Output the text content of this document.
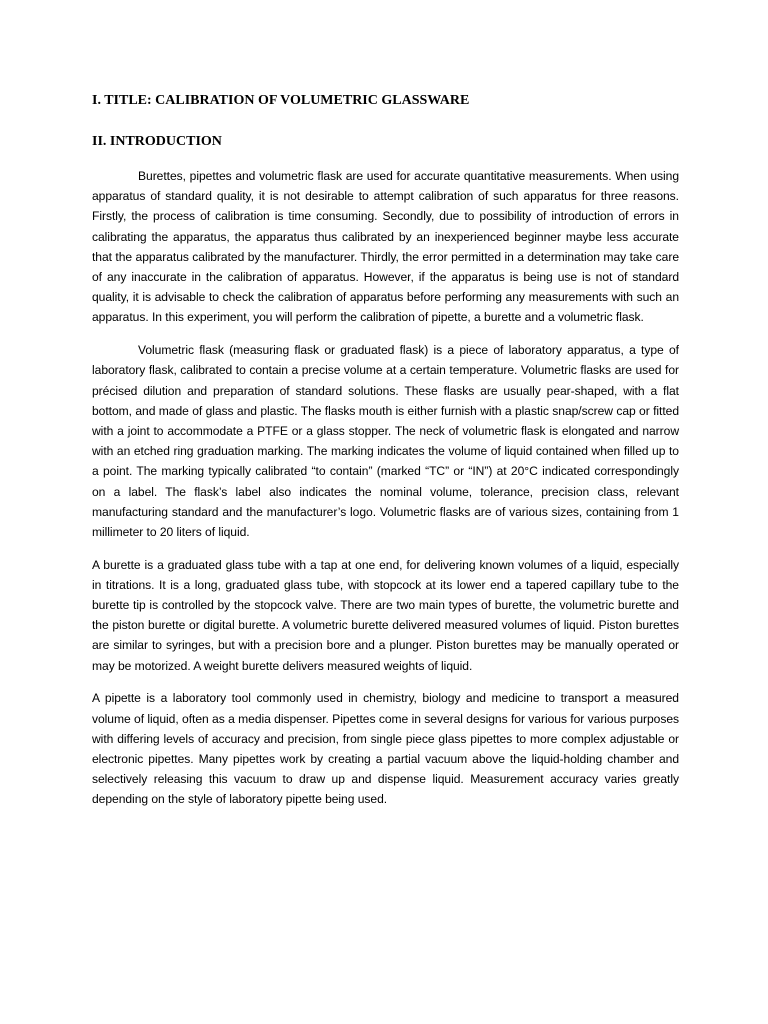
I. TITLE: CALIBRATION OF VOLUMETRIC GLASSWARE
II. INTRODUCTION

Burettes, pipettes and volumetric flask are used for accurate quantitative measurements. When using apparatus of standard quality, it is not desirable to attempt calibration of such apparatus for three reasons. Firstly, the process of calibration is time consuming. Secondly, due to possibility of introduction of errors in calibrating the apparatus, the apparatus thus calibrated by an inexperienced beginner maybe less accurate that the apparatus calibrated by the manufacturer. Thirdly, the error permitted in a determination may take care of any inaccurate in the calibration of apparatus. However, if the apparatus is being use is not of standard quality, it is advisable to check the calibration of apparatus before performing any measurements with such an apparatus. In this experiment, you will perform the calibration of pipette, a burette and a volumetric flask.

Volumetric flask (measuring flask or graduated flask) is a piece of laboratory apparatus, a type of laboratory flask, calibrated to contain a precise volume at a certain temperature. Volumetric flasks are used for précised dilution and preparation of standard solutions. These flasks are usually pear-shaped, with a flat bottom, and made of glass and plastic. The flasks mouth is either furnish with a plastic snap/screw cap or fitted with a joint to accommodate a PTFE or a glass stopper. The neck of volumetric flask is elongated and narrow with an etched ring graduation marking. The marking indicates the volume of liquid contained when filled up to a point. The marking typically calibrated “to contain” (marked “TC” or “IN”) at 20°C indicated correspondingly on a label. The flask’s label also indicates the nominal volume, tolerance, precision class, relevant manufacturing standard and the manufacturer’s logo. Volumetric flasks are of various sizes, containing from 1 millimeter to 20 liters of liquid.

A burette is a graduated glass tube with a tap at one end, for delivering known volumes of a liquid, especially in titrations. It is a long, graduated glass tube, with stopcock at its lower end a tapered capillary tube to the burette tip is controlled by the stopcock valve. There are two main types of burette, the volumetric burette and the piston burette or digital burette. A volumetric burette delivered measured volumes of liquid. Piston burettes are similar to syringes, but with a precision bore and a plunger. Piston burettes may be manually operated or may be motorized. A weight burette delivers measured weights of liquid.

A pipette is a laboratory tool commonly used in chemistry, biology and medicine to transport a measured volume of liquid, often as a media dispenser. Pipettes come in several designs for various for various purposes with differing levels of accuracy and precision, from single piece glass pipettes to more complex adjustable or electronic pipettes. Many pipettes work by creating a partial vacuum above the liquid-holding chamber and selectively releasing this vacuum to draw up and dispense liquid. Measurement accuracy varies greatly depending on the style of laboratory pipette being used.
